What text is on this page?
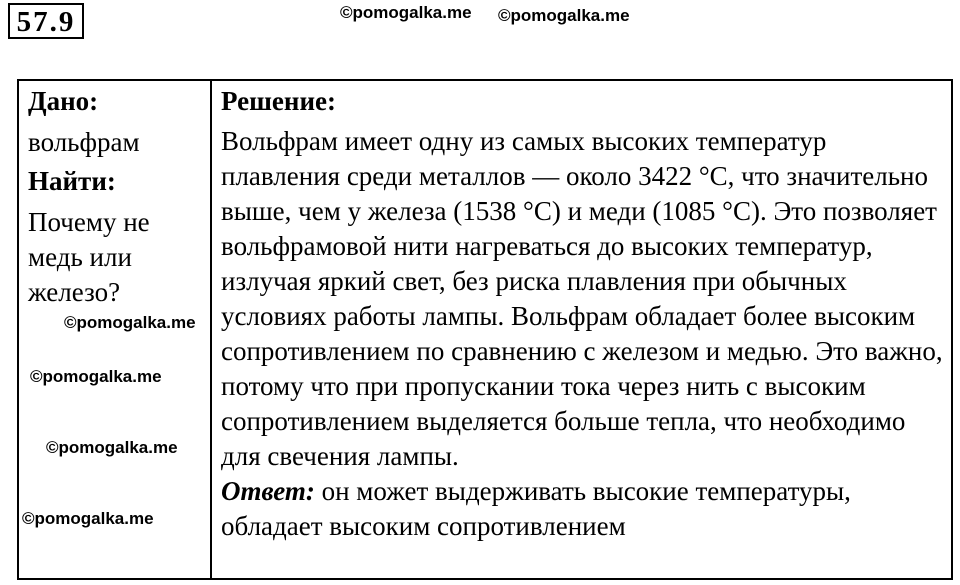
57.9	©pomogalka.me ©pomogalka.me
Дано:
вольфрам
Найти:
Почему не медь или железо?
Решение:
Вольфрам имеет одну из самых высоких температур плавления среди металлов — около 3422 °C, что значительно выше, чем у железа (1538 °C) и меди (1085 °C). Это позволяет вольфрамовой нити нагреваться до высоких температур, излучая яркий свет, без риска плавления при обычных условиях работы лампы. Вольфрам обладает более высоким сопротивлением по сравнению с железом и медью. Это важно, потому что при пропускании тока через нить с высоким сопротивлением выделяется больше тепла, что необходимо для свечения лампы.
Ответ: он может выдерживать высокие температуры, обладает высоким сопротивлением
©pomogalka.me
©pomogalka.me
©pomogalka.me
©pomogalka.me
